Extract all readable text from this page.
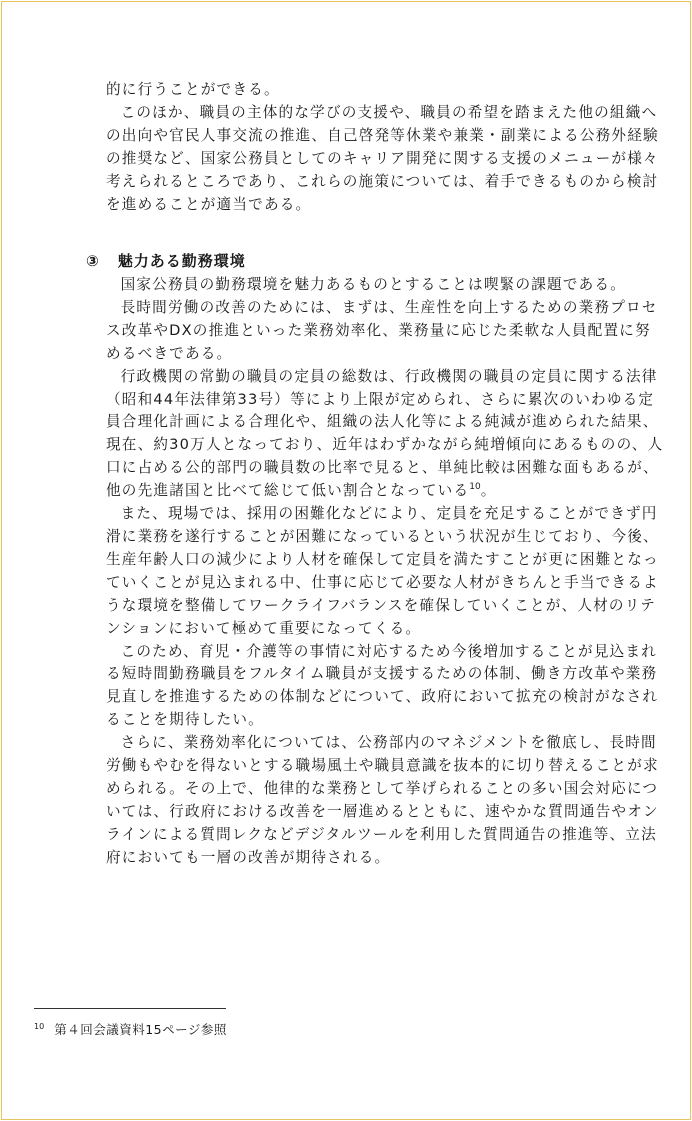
的に行うことができる。

このほか、職員の主体的な学びの支援や、職員の希望を踏まえた他の組織への出向や官民人事交流の推進、自己啓発等休業や兼業・副業による公務外経験の推奨など、国家公務員としてのキャリア開発に関する支援のメニューが様々考えられるところであり、これらの施策については、着手できるものから検討を進めることが適当である。

③ 魅力ある勤務環境

国家公務員の勤務環境を魅力あるものとすることは喫緊の課題である。

長時間労働の改善のためには、まずは、生産性を向上するための業務プロセス改革やDXの推進といった業務効率化、業務量に応じた柔軟な人員配置に努めるべきである。

行政機関の常勤の職員の定員の総数は、行政機関の職員の定員に関する法律（昭和44年法律第33号）等により上限が定められ、さらに累次のいわゆる定員合理化計画による合理化や、組織の法人化等による純減が進められた結果、現在、約30万人となっており、近年はわずかながら純増傾向にあるものの、人口に占める公的部門の職員数の比率で見ると、単純比較は困難な面もあるが、他の先進諸国と比べて総じて低い割合となっている$^{10}$。

また、現場では、採用の困難化などにより、定員を充足することができず円滑に業務を遂行することが困難になっているという状況が生じており、今後、生産年齢人口の減少により人材を確保して定員を満たすことが更に困難となっていくことが見込まれる中、仕事に応じて必要な人材がきちんと手当できるような環境を整備してワークライフバランスを確保していくことが、人材のリテンションにおいて極めて重要になってくる。

このため、育児・介護等の事情に対応するため今後増加することが見込まれる短時間勤務職員をフルタイム職員が支援するための体制、働き方改革や業務見直しを推進するための体制などについて、政府において拡充の検討がなされることを期待したい。

さらに、業務効率化については、公務部内のマネジメントを徹底し、長時間労働もやむを得ないとする職場風土や職員意識を抜本的に切り替えることが求められる。その上で、他律的な業務として挙げられることの多い国会対応については、行政府における改善を一層進めるとともに、速やかな質問通告やオンラインによる質問レクなどデジタルツールを利用した質問通告の推進等、立法府においても一層の改善が期待される。

$^{10}$ 第４回会議資料15ページ参照
